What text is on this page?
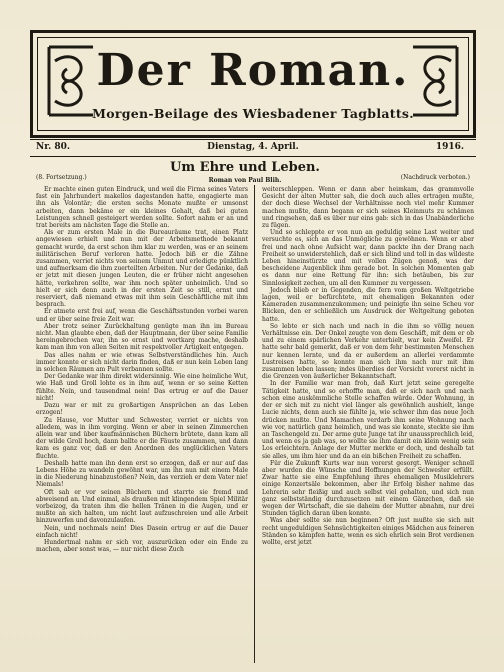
Der Roman.
Morgen-Beilage des Wiesbadener Tagblatts.
Nr. 80.	Dienstag, 4. April.	1916.
Um Ehre und Leben.
Roman von Paul Blih.
(8. Fortsetzung.)	(Nachdruck verboten.)

Er machte einen guten Eindruck, und weil die Firma seines Vaters fast ein Jahrhundert makellos dagestanden hatte, engagierte man ihn als Volontär; die ersten sechs Monate mußte er umsonst arbeiten, dann bekäme er ein kleines Gehalt, daß bei guten Leistungen schnell gesteigert werden sollte. Sofort nahm er an und trat bereits am nächsten Tage die Stelle an.

Als er zum ersten Male in die Bureauräume trat, einen Platz angewiesen erhielt und nun mit der Arbeitsmethode bekannt gemacht wurde, da erst schon ihm klar zu werden, was er an seinem militärischen Beruf verloren hatte. Jedoch biß er die Zähne zusammen, verriet nichts von seinem Unmut und erledigte pünktlich und aufmerksam die ihm zuerteilten Arbeiten. Nur der Gedanke, daß er jetzt mit diesen jungen Leuten, die er früher nicht angesehen hätte, verkehren sollte, war ihm noch später unheimlich. Und so hielt er sich denn auch in der ersten Zeit so still, ernst und reserviert, daß niemand etwas mit ihm sein Geschäftliche mit ihm besprach.

Er atmete erst frei auf, wenn die Geschäftsstunden vorbei waren und er über seine freie Zeit war.

Aber trotz seiner Zurückhaltung genügte man ihn im Bureau nicht. Man glaubte eben, daß der Hauptmann, der über seine Familie hereingebrochen war, ihn so ernst und wortkarg mache, deshalb kam man ihm von allen Seiten mit respektvoller Artigkeit entgegen.

Das alles nahm er wie etwas Selbstverständliches hin. Auch immer konnte er sich nicht darin finden, daß er nun kein Leben lang in solchen Räumen am Pult verbannen sollte.

Der Gedanke war ihm direkt widersinnig. Wie eine heimliche Wut, wie Haß und Groll lohte es in ihm auf, wenn er so seine Ketten fühlte. Nein, und tausendmal nein! Das ertrug er auf die Dauer nicht!

Dazu war er mit zu großartigen Ansprüchen an das Leben erzogen!

Zu Hause, vor Mutter und Schwester, verriet er nichts von alledem, was in ihm vorging. Wenn er aber in seinen Zimmerchen allein war und über kaufmännischen Büchern brütete, dann kam all der wilde Groll hoch, dann ballte er die Fäuste zusammen, und dann kam es ganz vor, daß er den Anordnen des unglücklichen Vaters fluchte.

Deshalb hatte man ihn denn erst so erzogen, daß er nur auf das Lebens Höhe zu wandeln gewöhnt war, um ihn nun mit einem Male in die Niederung hinabzustoßen? Nein, das verzieh er dem Vater nie! Niemals!

Oft sah er vor seinen Büchern und starrte sie fremd und abweisend an. Und einmal, als draußen mit klingendem Spiel Militär vorbeizog, da traten ihm die hellen Tränen in die Augen, und er mußte an sich halten, um nicht laut aufzuschreien und alle Arbeit hinzuwerfen und davonzulaufen.

Nein, und nochmals nein! Dies Dasein ertrug er auf die Dauer einfach nicht!

Hundertmal nahm er sich vor, auszurücken oder ein Ende zu machen, aber sonst was, — nur nicht diese Zuch

weiterschleppen. Wenn er dann aber heimkam, das grammvolle Gesicht der alten Mutter sah, die doch auch alles ertragen mußte, der doch diese Wechsel der Verhältnisse noch viel mehr Kummer machen mußte, dann begann er sich seines Kleinmuts zu schämen und ringsehen, daß es über nur eins gab: sich in das Unabänderliche zu fügen.

Und so schleppte er von nun an geduldig seine Last weiter und versuchte es, sich an das Unmögliche zu gewöhnen. Wenn er aber frei und nach ohne Aufsicht war, dann packte ihn der Drang nach Freiheit so unwiderstehlich, daß er sich blind und toll in das wildeste Leben hineinstürzte und mit vollen Zügen genoß, was der bescheidene Augenblick ihm gerade bot. In solchen Momenten gab es dann nur eine Rettung für ihn: sich betäuben, bis zur Sinnlosigkeit zechen, um all den Kummer zu vergessen.

Jedoch blieb er in Gegenden, die fern vom großen Weltgetriebe lagen, weil er befürchtete, mit ehemaligen Bekannten oder Kameraden zusammenzukommen; und peinigte ihn seine Scheu vor Blicken, den er schließlich um Ausdruck der Weltgeltung geboten hatte.

So lebte er sich nach und nach in die ihm so völlig neuen Verhältnisse ein. Der Onkel zeugte von dem Geschäft, mit dem er ob und zu einem spärlichen Verkehr unterhielt, war kein Zweifel. Er hatte sehr bald gemerkt, daß er von dem fehr bestimmten Menschen nur kennen lernte, und da er außerdem an allerlei verdammte Lustreisen hatte, so konnte man sich ihm nach nur mit ihm zusammen leben lassen; indes überdies der Vorsicht vorerst nicht in die Grenzen von äußerlicher Bekanntschaft.

In der Familie war man froh, daß Kurt jetzt seine geregelte Tätigkeit hatte, und so erhoffte man, daß er sich nach und nach schon eine auskömmliche Stelle schaffen würde. Oder Wohnung, in der er sich mit zu nicht viel länger als gewöhnlich aushielt, lange Lucie nichts, denn auch sie fühlte ja, wie schwer ihm das neue Joch drücken mußte. Und Mamachen verdarb ihm seine Wohnung nach wie vor, natürlich ganz heimlich, und was sie konnte, steckte sie ihm an Taschengeld zu. Der arme gute Junge tat ihr unaussprechlich leid, und wenn es ja gab was, so wollte sie ihm damit ein klein wenig sein Los erleichtern. Anlage der Mutter merkte er doch, und deshalb tat sie alles, um ihm hier und da an ein bißchen Freiheit zu schaffen.

Für die Zukunft Kurts war nun vorerst gesorgt. Weniger schnell aber wurden die Wünsche und Hoffnungen der Schwester erfüllt. Zwar hatte sie eine Empfehlung ihres ehemaligen Musiklehrers einige Konzertsäle bekommen, aber ihr Erfolg bisher nahme das Lehrerin sehr fleißig und auch selbst viel gehalten, und sich nun ganz selbstständig durchzusetzen mit einem Gänzchen, daß sie wegen der Wirtschaft, die sie daheim der Mutter abnahm, nur drei Stunden täglich daran üben konnte.

Was aber sollte sie nun beginnen? Oft just mußte sie sich mit recht ungeduldigen Sehnsüchtigkeiten einiges Mädchen aus feineren Ständen so kämpfen hatte, wenn es sich ehrlich sein Brot verdienen wollte, erst jetzt
